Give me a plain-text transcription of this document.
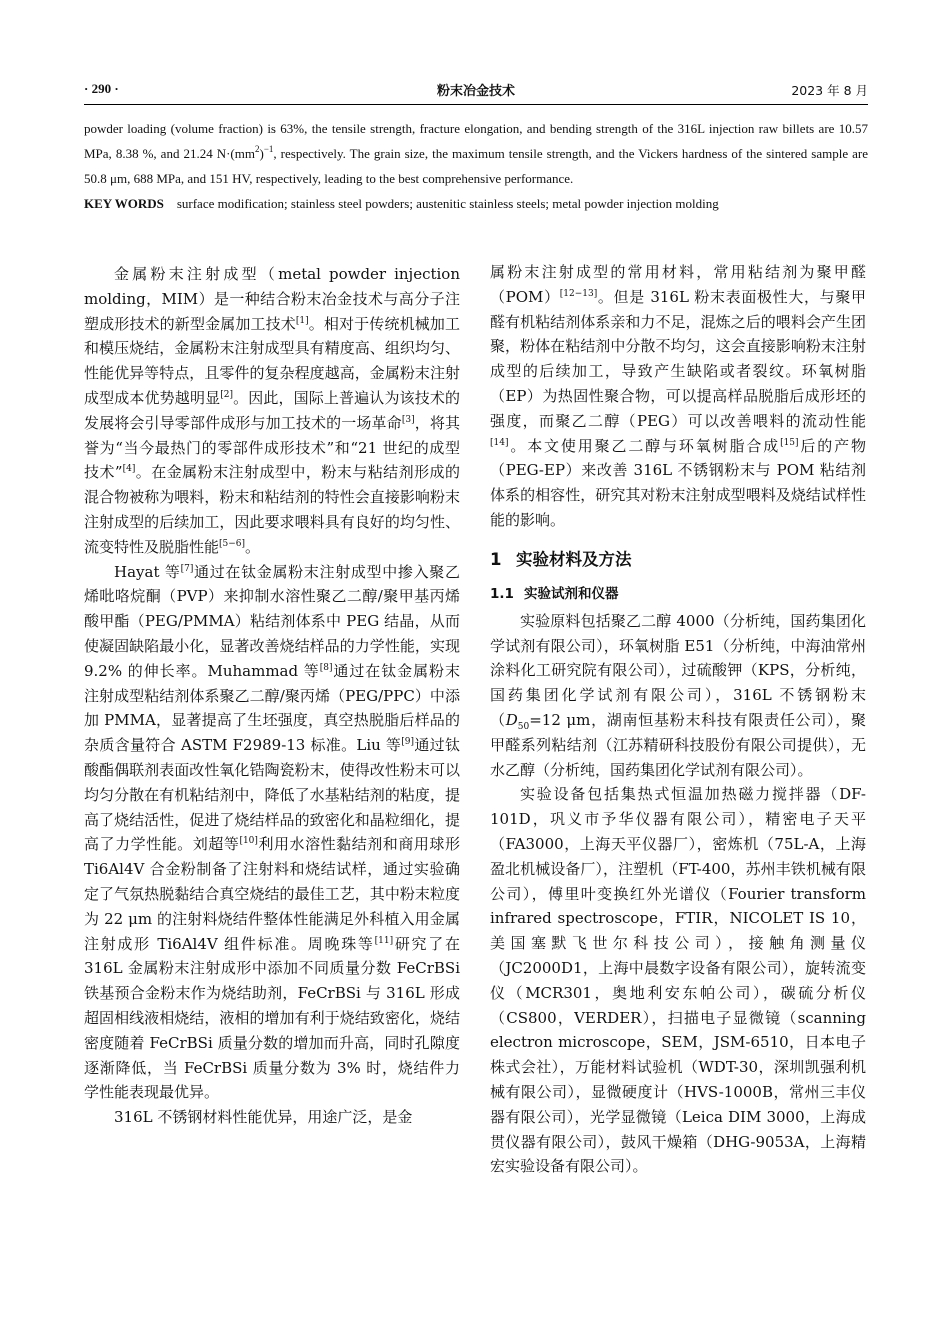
· 290 ·	粉末冶金技术	2023 年 8 月

powder loading (volume fraction) is 63%, the tensile strength, fracture elongation, and bending strength of the 316L injection raw billets are 10.57 MPa, 8.38 %, and 21.24 $N\cdot(mm^2)^{-1}$, respectively. The grain size, the maximum tensile strength, and the Vickers hardness of the sintered sample are 50.8 μm, 688 MPa, and 151 HV, respectively, leading to the best comprehensive performance.

KEY WORDS surface modification; stainless steel powders; austenitic stainless steels; metal powder injection molding

金属粉末注射成型（metal powder injection molding，MIM）是一种结合粉末冶金技术与高分子注塑成形技术的新型金属加工技术[1]。相对于传统机械加工和模压烧结，金属粉末注射成型具有精度高、组织均匀、性能优异等特点，且零件的复杂程度越高，金属粉末注射成型成本优势越明显[2]。因此，国际上普遍认为该技术的发展将会引导零部件成形与加工技术的一场革命[3]，将其誉为“当今最热门的零部件成形技术”和“21 世纪的成型技术”[4]。在金属粉末注射成型中，粉末与粘结剂形成的混合物被称为喂料，粉末和粘结剂的特性会直接影响粉末注射成型的后续加工，因此要求喂料具有良好的均匀性、流变特性及脱脂性能[5−6]。

Hayat 等[7]通过在钛金属粉末注射成型中掺入聚乙烯吡咯烷酮（PVP）来抑制水溶性聚乙二醇/聚甲基丙烯酸甲酯（PEG/PMMA）粘结剂体系中 PEG 结晶，从而使凝固缺陷最小化，显著改善烧结样品的力学性能，实现 9.2% 的伸长率。Muhammad 等[8]通过在钛金属粉末注射成型粘结剂体系聚乙二醇/聚丙烯（PEG/PPC）中添加 PMMA，显著提高了生坯强度，真空热脱脂后样品的杂质含量符合 ASTM F2989-13 标准。Liu 等[9]通过钛酸酯偶联剂表面改性氧化锆陶瓷粉末，使得改性粉末可以均匀分散在有机粘结剂中，降低了水基粘结剂的粘度，提高了烧结活性，促进了烧结样品的致密化和晶粒细化，提高了力学性能。刘超等[10]利用水溶性黏结剂和商用球形 Ti6Al4V 合金粉制备了注射料和烧结试样，通过实验确定了气氛热脱黏结合真空烧结的最佳工艺，其中粉末粒度为 22 μm 的注射料烧结件整体性能满足外科植入用金属注射成形 Ti6Al4V 组件标准。周晚珠等[11]研究了在 316L 金属粉末注射成形中添加不同质量分数 FeCrBSi 铁基预合金粉末作为烧结助剂，FeCrBSi 与 316L 形成超固相线液相烧结，液相的增加有利于烧结致密化，烧结密度随着 FeCrBSi 质量分数的增加而升高，同时孔隙度逐渐降低，当 FeCrBSi 质量分数为 3% 时，烧结件力学性能表现最优异。

316L 不锈钢材料性能优异，用途广泛，是金

属粉末注射成型的常用材料，常用粘结剂为聚甲醛（POM）[12−13]。但是 316L 粉末表面极性大，与聚甲醛有机粘结剂体系亲和力不足，混炼之后的喂料会产生团聚，粉体在粘结剂中分散不均匀，这会直接影响粉末注射成型的后续加工，导致产生缺陷或者裂纹。环氧树脂（EP）为热固性聚合物，可以提高样品脱脂后成形坯的强度，而聚乙二醇（PEG）可以改善喂料的流动性能[14]。本文使用聚乙二醇与环氧树脂合成[15]后的产物（PEG-EP）来改善 316L 不锈钢粉末与 POM 粘结剂体系的相容性，研究其对粉末注射成型喂料及烧结试样性能的影响。

1 实验材料及方法
1.1 实验试剂和仪器

实验原料包括聚乙二醇 4000（分析纯，国药集团化学试剂有限公司），环氧树脂 E51（分析纯，中海油常州涂料化工研究院有限公司），过硫酸钾（KPS，分析纯，国药集团化学试剂有限公司），316L 不锈钢粉末（$D_{50}=12$ μm，湖南恒基粉末科技有限责任公司），聚甲醛系列粘结剂（江苏精研科技股份有限公司提供），无水乙醇（分析纯，国药集团化学试剂有限公司）。

实验设备包括集热式恒温加热磁力搅拌器（DF-101D，巩义市予华仪器有限公司），精密电子天平（FA3000，上海天平仪器厂），密炼机（75L-A，上海盈北机械设备厂），注塑机（FT-400，苏州丰铁机械有限公司），傅里叶变换红外光谱仪（Fourier transform infrared spectroscope，FTIR，NICOLET IS 10，美国塞默飞世尔科技公司），接触角测量仪（JC2000D1，上海中晨数字设备有限公司），旋转流变仪（MCR301，奥地利安东帕公司），碳硫分析仪（CS800，VERDER），扫描电子显微镜（scanning electron microscope，SEM，JSM-6510，日本电子株式会社），万能材料试验机（WDT-30，深圳凯强利机械有限公司），显微硬度计（HVS-1000B，常州三丰仪器有限公司），光学显微镜（Leica DIM 3000，上海成贯仪器有限公司），鼓风干燥箱（DHG-9053A，上海精宏实验设备有限公司）。
